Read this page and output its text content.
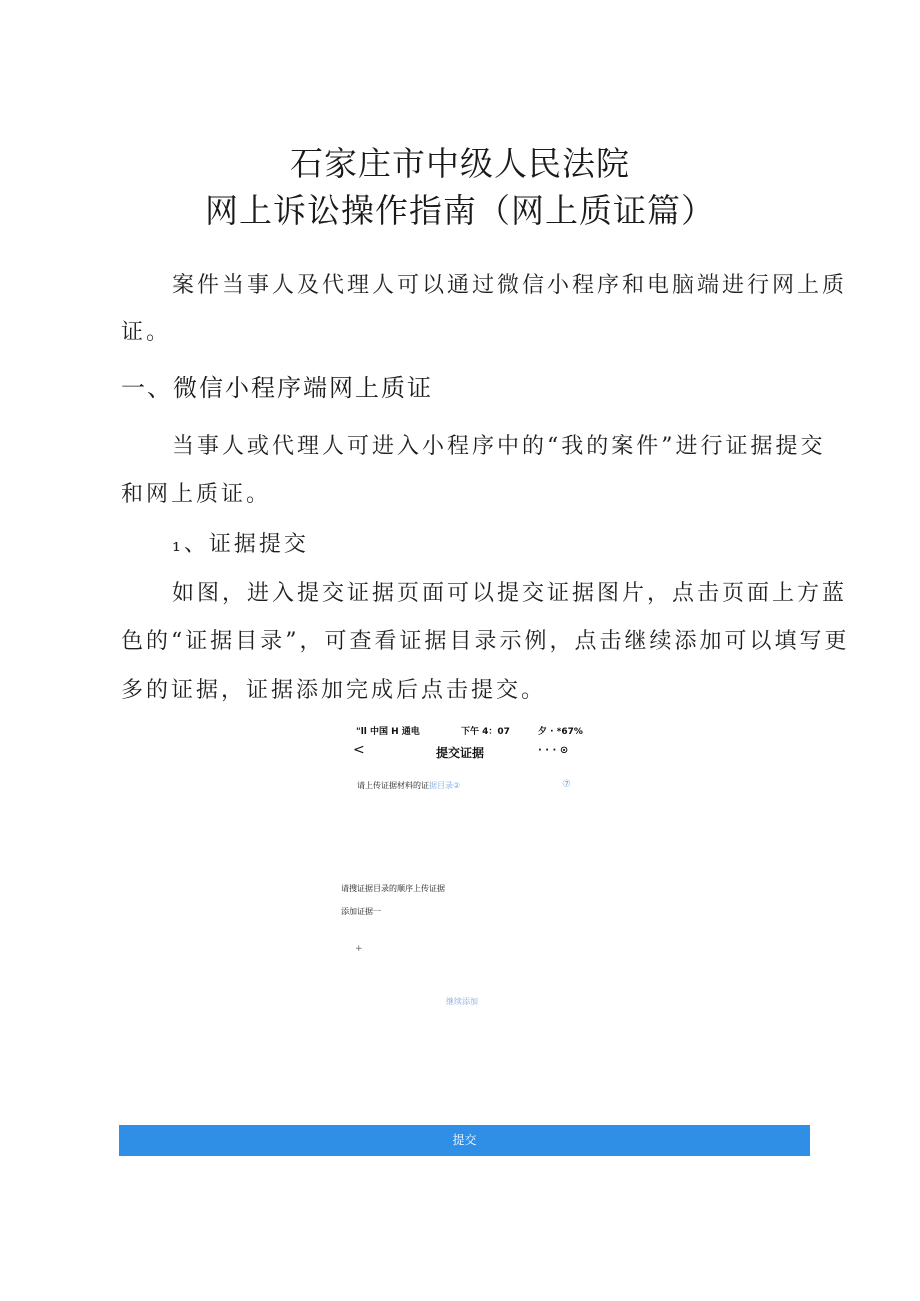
石家庄市中级人民法院
网上诉讼操作指南（网上质证篇）
案件当事人及代理人可以通过微信小程序和电脑端进行网上质
证。
一、微信小程序端网上质证
当事人或代理人可进入小程序中的“我的案件”进行证据提交
和网上质证。
₁、证据提交
如图，进入提交证据页面可以提交证据图片，点击页面上方蓝
色的“证据目录”，可查看证据目录示例，点击继续添加可以填写更
多的证据，证据添加完成后点击提交。
"ll 中国 H 通电	下午 4：07	夕 · *67%
<	提交证据	· · · ⊙
请上传证据材料的证据目录②	⑦
请搜证据目录的顺序上传证据
添加证据一
+
继续添加
提交
